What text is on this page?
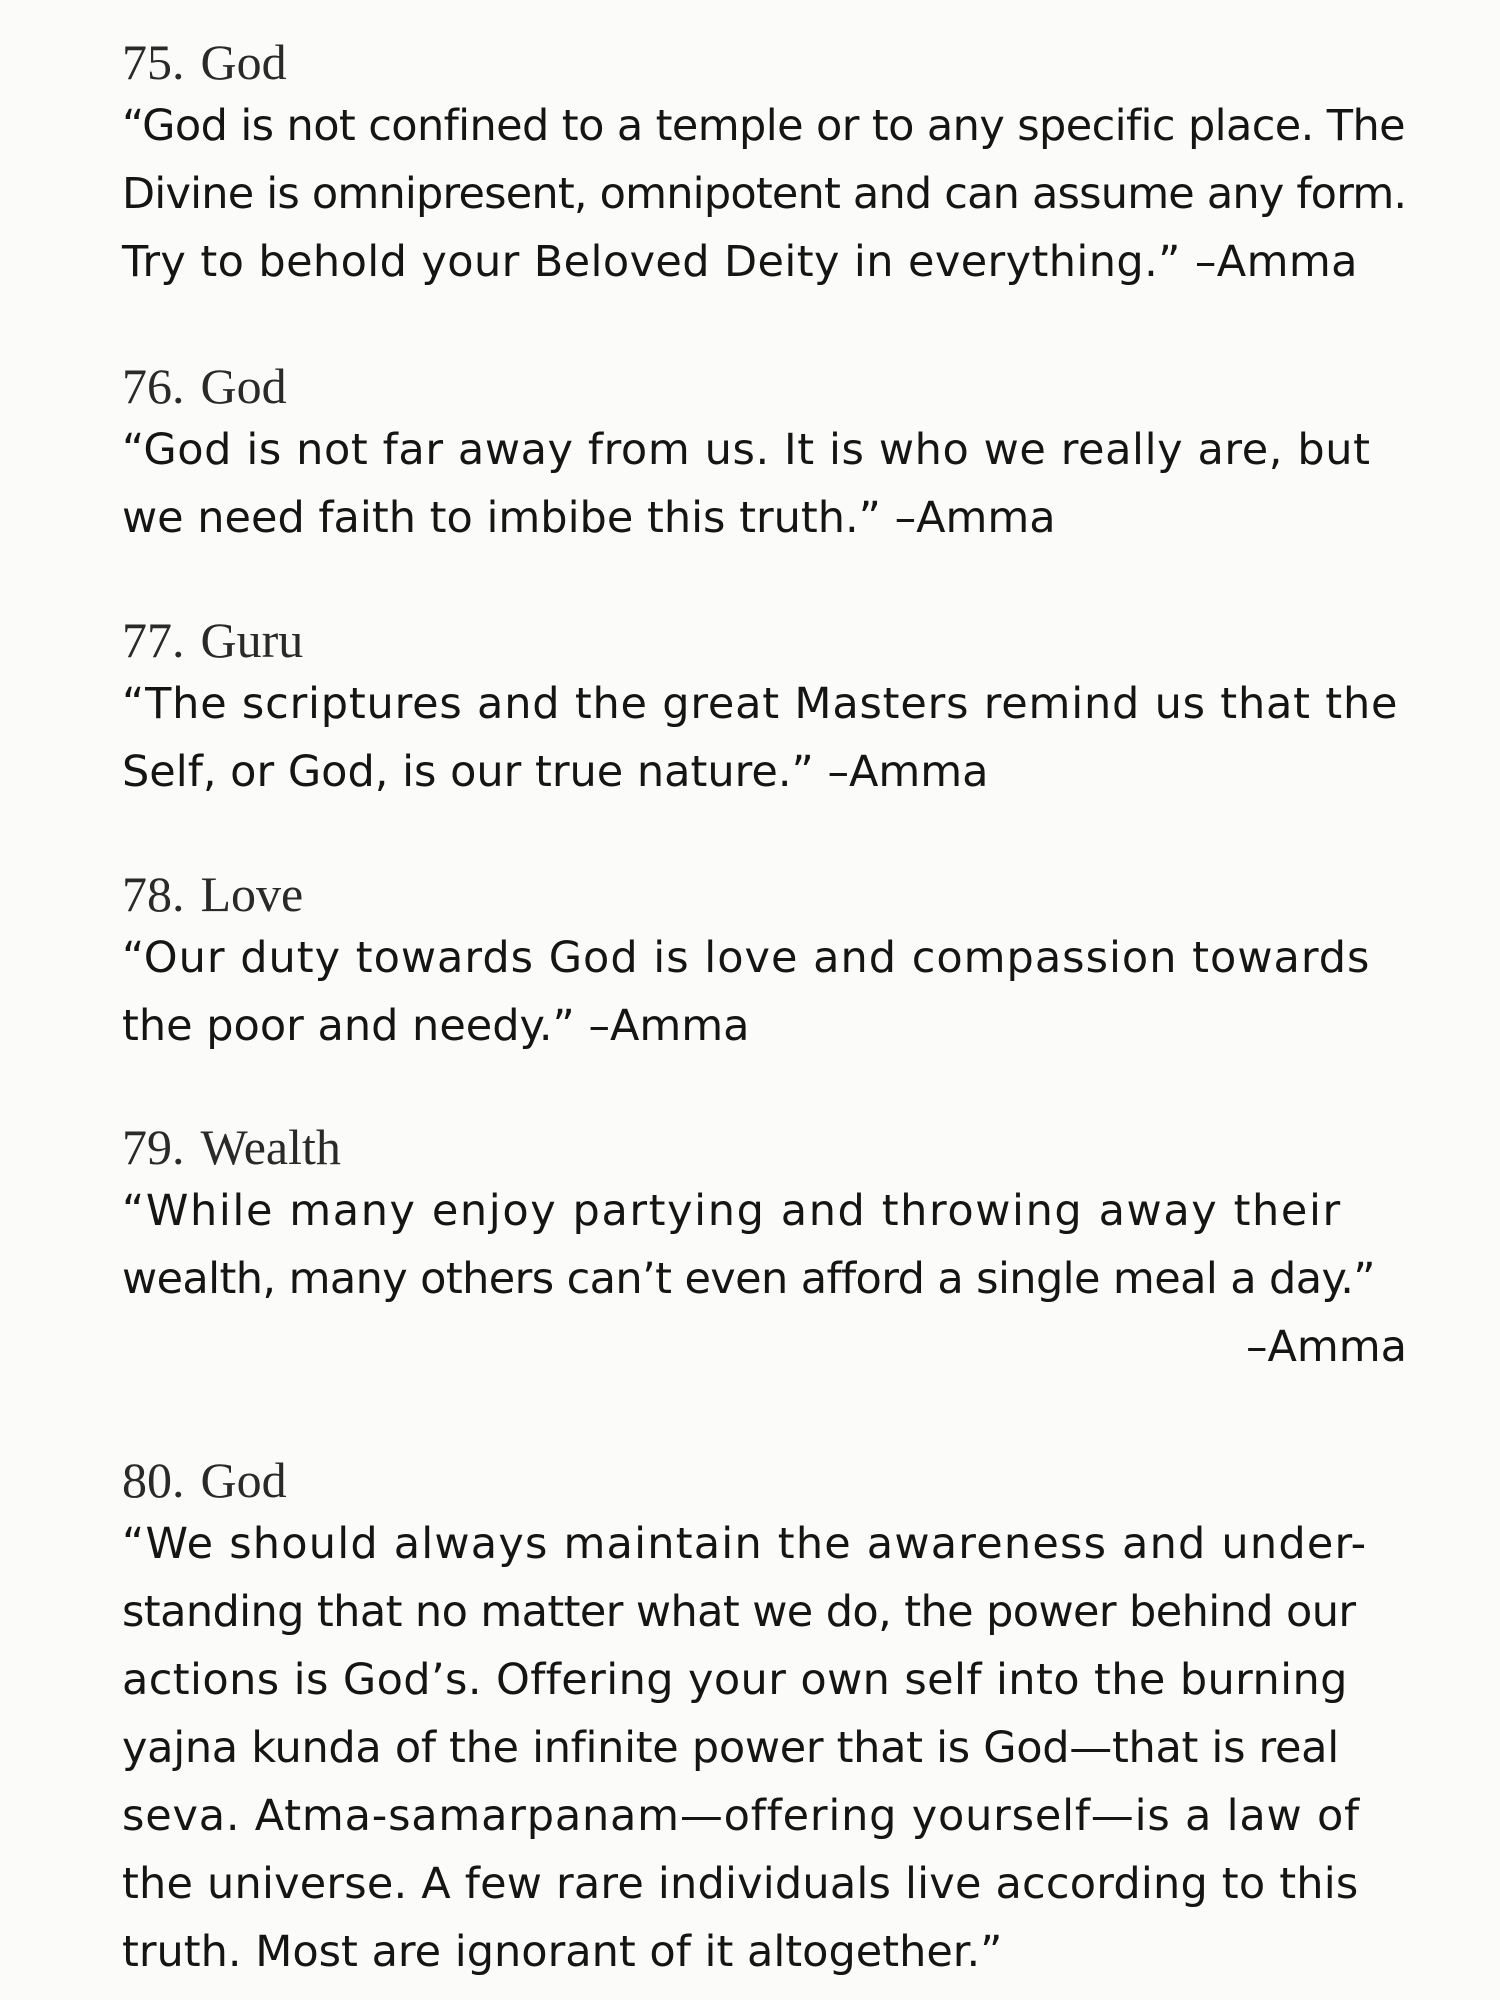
75. God
“God is not confined to a temple or to any specific place. The
Divine is omnipresent, omnipotent and can assume any form.
Try to behold your Beloved Deity in everything.” –Amma
76. God
“God is not far away from us. It is who we really are, but
we need faith to imbibe this truth.” –Amma
77. Guru
“The scriptures and the great Masters remind us that the
Self, or God, is our true nature.” –Amma
78. Love
“Our duty towards God is love and compassion towards
the poor and needy.” –Amma
79. Wealth
“While many enjoy partying and throwing away their
wealth, many others can’t even afford a single meal a day.”
–Amma
80. God
“We should always maintain the awareness and under-
standing that no matter what we do, the power behind our
actions is God’s. Offering your own self into the burning
yajna kunda of the infinite power that is God—that is real
seva. Atma-samarpanam—offering yourself—is a law of
the universe. A few rare individuals live according to this
truth. Most are ignorant of it altogether.”
